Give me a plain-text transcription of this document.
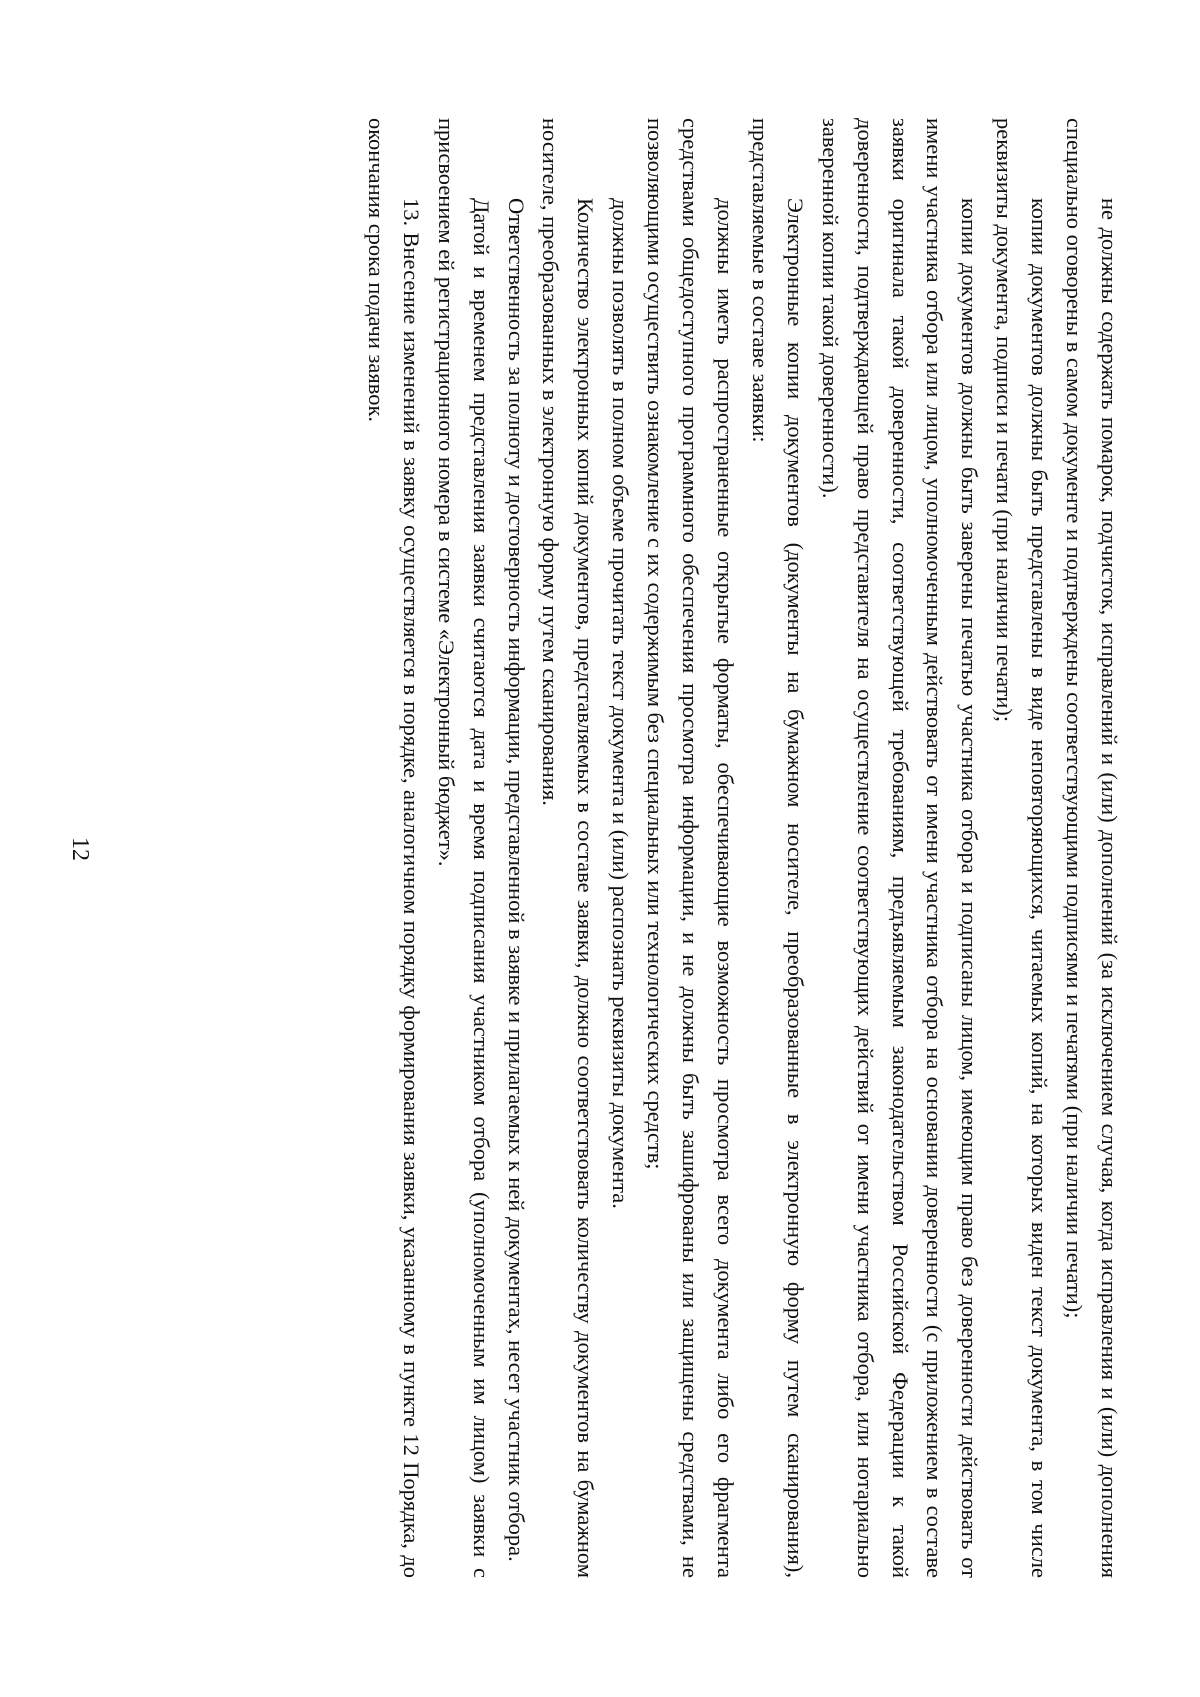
12	не должны содержать помарок, подчисток, исправлений и (или) дополнений (за исключением случая, когда исправления и (или) дополнения специально оговорены в самом документе и подтверждены соответствующими подписями и печатями (при наличии печати);

копии документов должны быть представлены в виде неповторяющихся, читаемых копий, на которых виден текст документа, в том числе реквизиты документа, подписи и печати (при наличии печати);

копии документов должны быть заверены печатью участника отбора и подписаны лицом, имеющим право без доверенности действовать от имени участника отбора или лицом, уполномоченным действовать от имени участника отбора на основании доверенности (с приложением в составе заявки оригинала такой доверенности, соответствующей требованиям, предъявляемым законодательством Российской Федерации к такой доверенности, подтверждающей право представителя на осуществление соответствующих действий от имени участника отбора, или нотариально заверенной копии такой доверенности).

Электронные копии документов (документы на бумажном носителе, преобразованные в электронную форму путем сканирования), представляемые в составе заявки:

должны иметь распространенные открытые форматы, обеспечивающие возможность просмотра всего документа либо его фрагмента средствами общедоступного программного обеспечения просмотра информации, и не должны быть зашифрованы или защищены средствами, не позволяющими осуществить ознакомление с их содержимым без специальных или технологических средств;

должны позволять в полном объеме прочитать текст документа и (или) распознать реквизиты документа.

Количество электронных копий документов, представляемых в составе заявки, должно соответствовать количеству документов на бумажном носителе, преобразованных в электронную форму путем сканирования.

Ответственность за полноту и достоверность информации, представленной в заявке и прилагаемых к ней документах, несет участник отбора.

Датой и временем представления заявки считаются дата и время подписания участником отбора (уполномоченным им лицом) заявки с присвоением ей регистрационного номера в системе «Электронный бюджет».

13. Внесение изменений в заявку осуществляется в порядке, аналогичном порядку формирования заявки, указанному в пункте 12 Порядка, до окончания срока подачи заявок.
